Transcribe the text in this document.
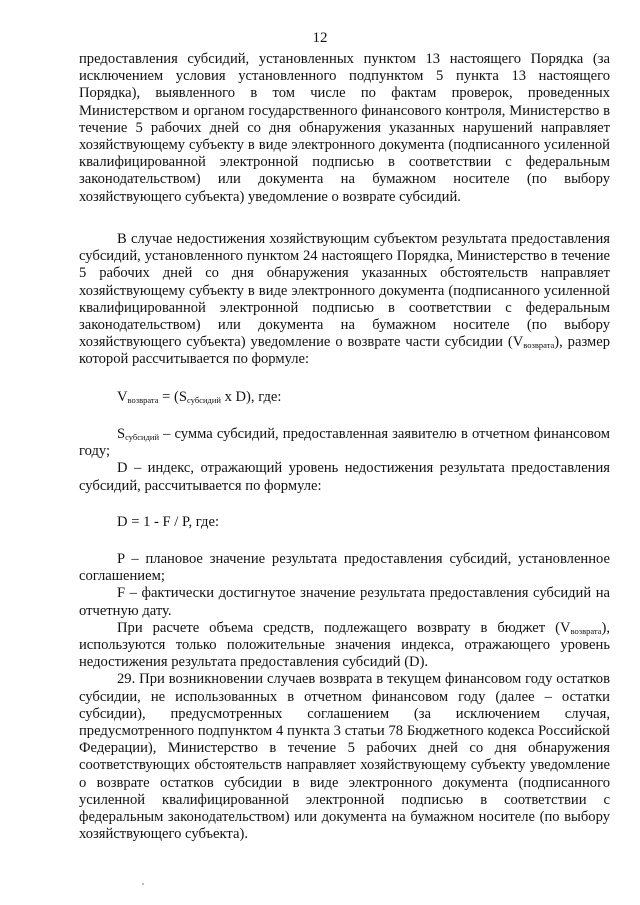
12

предоставления субсидий, установленных пунктом 13 настоящего Порядка (за исключением условия установленного подпунктом 5 пункта 13 настоящего Порядка), выявленного в том числе по фактам проверок, проведенных Министерством и органом государственного финансового контроля, Министерство в течение 5 рабочих дней со дня обнаружения указанных нарушений направляет хозяйствующему субъекту в виде электронного документа (подписанного усиленной квалифицированной электронной подписью в соответствии с федеральным законодательством) или документа на бумажном носителе (по выбору хозяйствующего субъекта) уведомление о возврате субсидий.

В случае недостижения хозяйствующим субъектом результата предоставления субсидий, установленного пунктом 24 настоящего Порядка, Министерство в течение 5 рабочих дней со дня обнаружения указанных обстоятельств направляет хозяйствующему субъекту в виде электронного документа (подписанного усиленной квалифицированной электронной подписью в соответствии с федеральным законодательством) или документа на бумажном носителе (по выбору хозяйствующего субъекта) уведомление о возврате части субсидии $(V_{возврата})$, размер которой рассчитывается по формуле:

$V_{возврата} = (S_{субсидий}$ x D), где:

$S_{субсидий}$ – сумма субсидий, предоставленная заявителю в отчетном финансовом году;

D – индекс, отражающий уровень недостижения результата предоставления субсидий, рассчитывается по формуле:

D = 1 - F / P, где:

P – плановое значение результата предоставления субсидий, установленное соглашением;

F – фактически достигнутое значение результата предоставления субсидий на отчетную дату.

При расчете объема средств, подлежащего возврату в бюджет $(V_{возврата})$, используются только положительные значения индекса, отражающего уровень недостижения результата предоставления субсидий (D).

29. При возникновении случаев возврата в текущем финансовом году остатков субсидии, не использованных в отчетном финансовом году (далее – остатки субсидии), предусмотренных соглашением (за исключением случая, предусмотренного подпунктом 4 пункта 3 статьи 78 Бюджетного кодекса Российской Федерации), Министерство в течение 5 рабочих дней со дня обнаружения соответствующих обстоятельств направляет хозяйствующему субъекту уведомление о возврате остатков субсидии в виде электронного документа (подписанного усиленной квалифицированной электронной подписью в соответствии с федеральным законодательством) или документа на бумажном носителе (по выбору хозяйствующего субъекта).
